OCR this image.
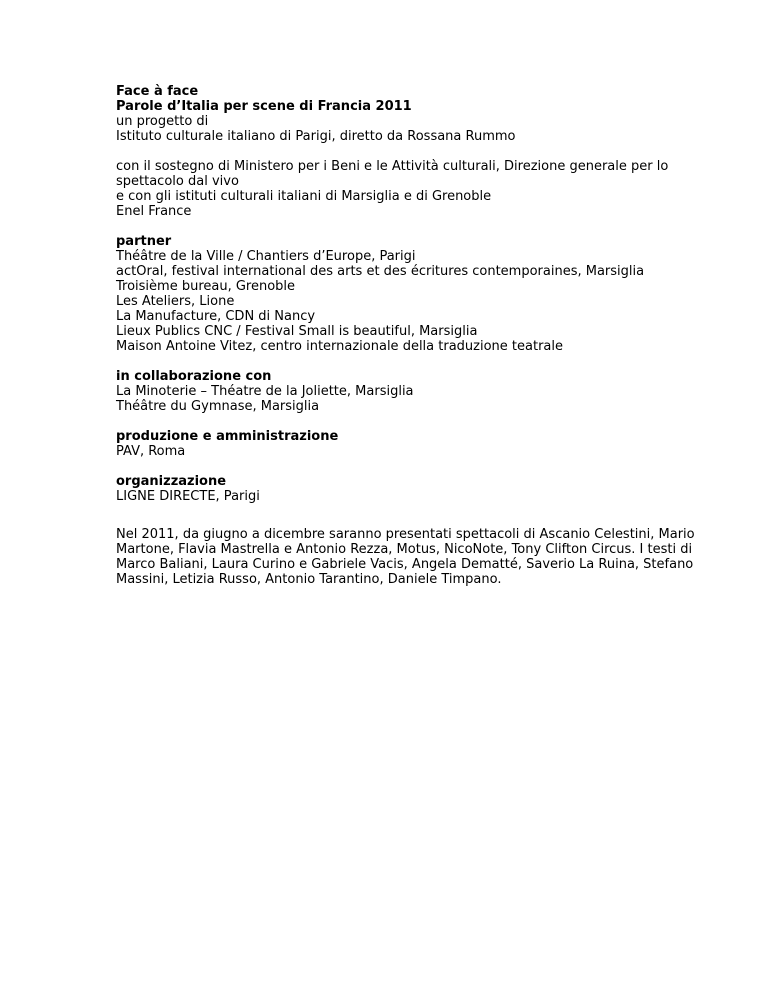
Face à face
Parole d’Italia per scene di Francia 2011
un progetto di
Istituto culturale italiano di Parigi, diretto da Rossana Rummo
con il sostegno di Ministero per i Beni e le Attività culturali, Direzione generale per lo spettacolo dal vivo
e con gli istituti culturali italiani di Marsiglia e di Grenoble
Enel France
partner
Théâtre de la Ville / Chantiers d’Europe, Parigi
actOral, festival international des arts et des écritures contemporaines, Marsiglia
Troisième bureau, Grenoble
Les Ateliers, Lione
La Manufacture, CDN di Nancy
Lieux Publics CNC / Festival Small is beautiful, Marsiglia
Maison Antoine Vitez, centro internazionale della traduzione teatrale
in collaborazione con
La Minoterie – Théatre de la Joliette, Marsiglia
Théâtre du Gymnase, Marsiglia
produzione e amministrazione
PAV, Roma
organizzazione
LIGNE DIRECTE, Parigi
Nel 2011, da giugno a dicembre saranno presentati spettacoli di Ascanio Celestini, Mario Martone, Flavia Mastrella e Antonio Rezza, Motus, NicoNote, Tony Clifton Circus. I testi di
Marco Baliani, Laura Curino e Gabriele Vacis, Angela Dematté, Saverio La Ruina, Stefano Massini, Letizia Russo, Antonio Tarantino, Daniele Timpano.
